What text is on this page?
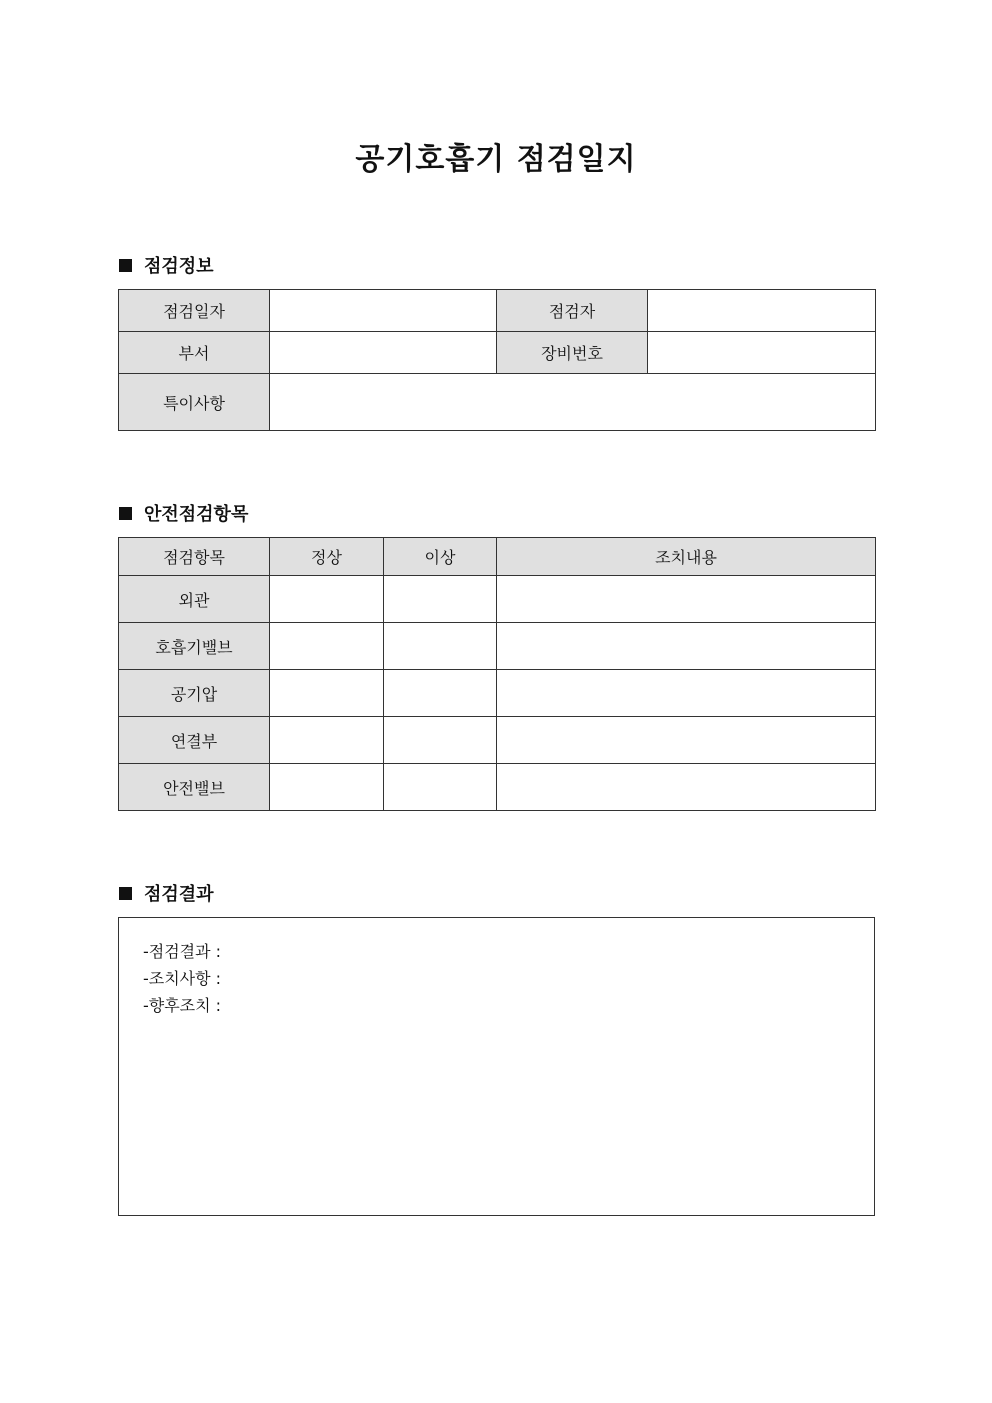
공기호흡기 점검일지
점검정보
점검일자		점검자	
부서		장비번호	
특이사항			
안전점검항목
점검항목	정상	이상	조치내용
외관			
호흡기밸브			
공기압			
연결부			
안전밸브			
점검결과
-점검결과 :
-조치사항 :
-향후조치 :
